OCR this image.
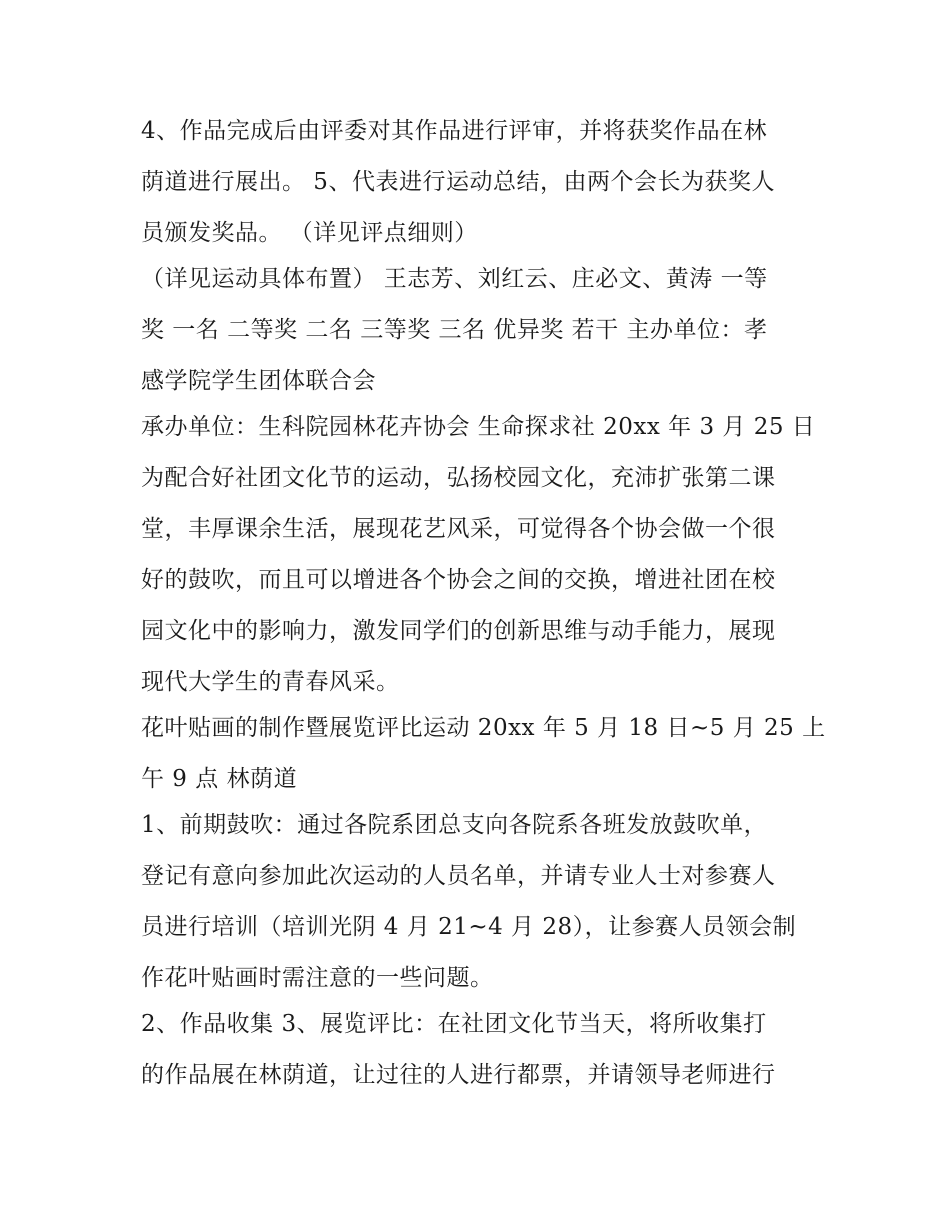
4、作品完成后由评委对其作品进行评审，并将获奖作品在林

荫道进行展出。 5、代表进行运动总结，由两个会长为获奖人

员颁发奖品。 （详见评点细则）

（详见运动具体布置） 王志芳、刘红云、庄必文、黄涛 一等

奖 一名 二等奖 二名 三等奖 三名 优异奖 若干 主办单位：孝

感学院学生团体联合会

承办单位：生科院园林花卉协会 生命探求社 20xx 年 3 月 25 日

为配合好社团文化节的运动，弘扬校园文化，充沛扩张第二课

堂，丰厚课余生活，展现花艺风采，可觉得各个协会做一个很

好的鼓吹，而且可以增进各个协会之间的交换，增进社团在校

园文化中的影响力，激发同学们的创新思维与动手能力，展现

现代大学生的青春风采。

花叶贴画的制作暨展览评比运动 20xx 年 5 月 18 日~5 月 25 上

午 9 点 林荫道

1、前期鼓吹：通过各院系团总支向各院系各班发放鼓吹单，

登记有意向参加此次运动的人员名单，并请专业人士对参赛人

员进行培训（培训光阴 4 月 21~4 月 28），让参赛人员领会制

作花叶贴画时需注意的一些问题。

2、作品收集 3、展览评比：在社团文化节当天，将所收集打

的作品展在林荫道，让过往的人进行都票，并请领导老师进行
